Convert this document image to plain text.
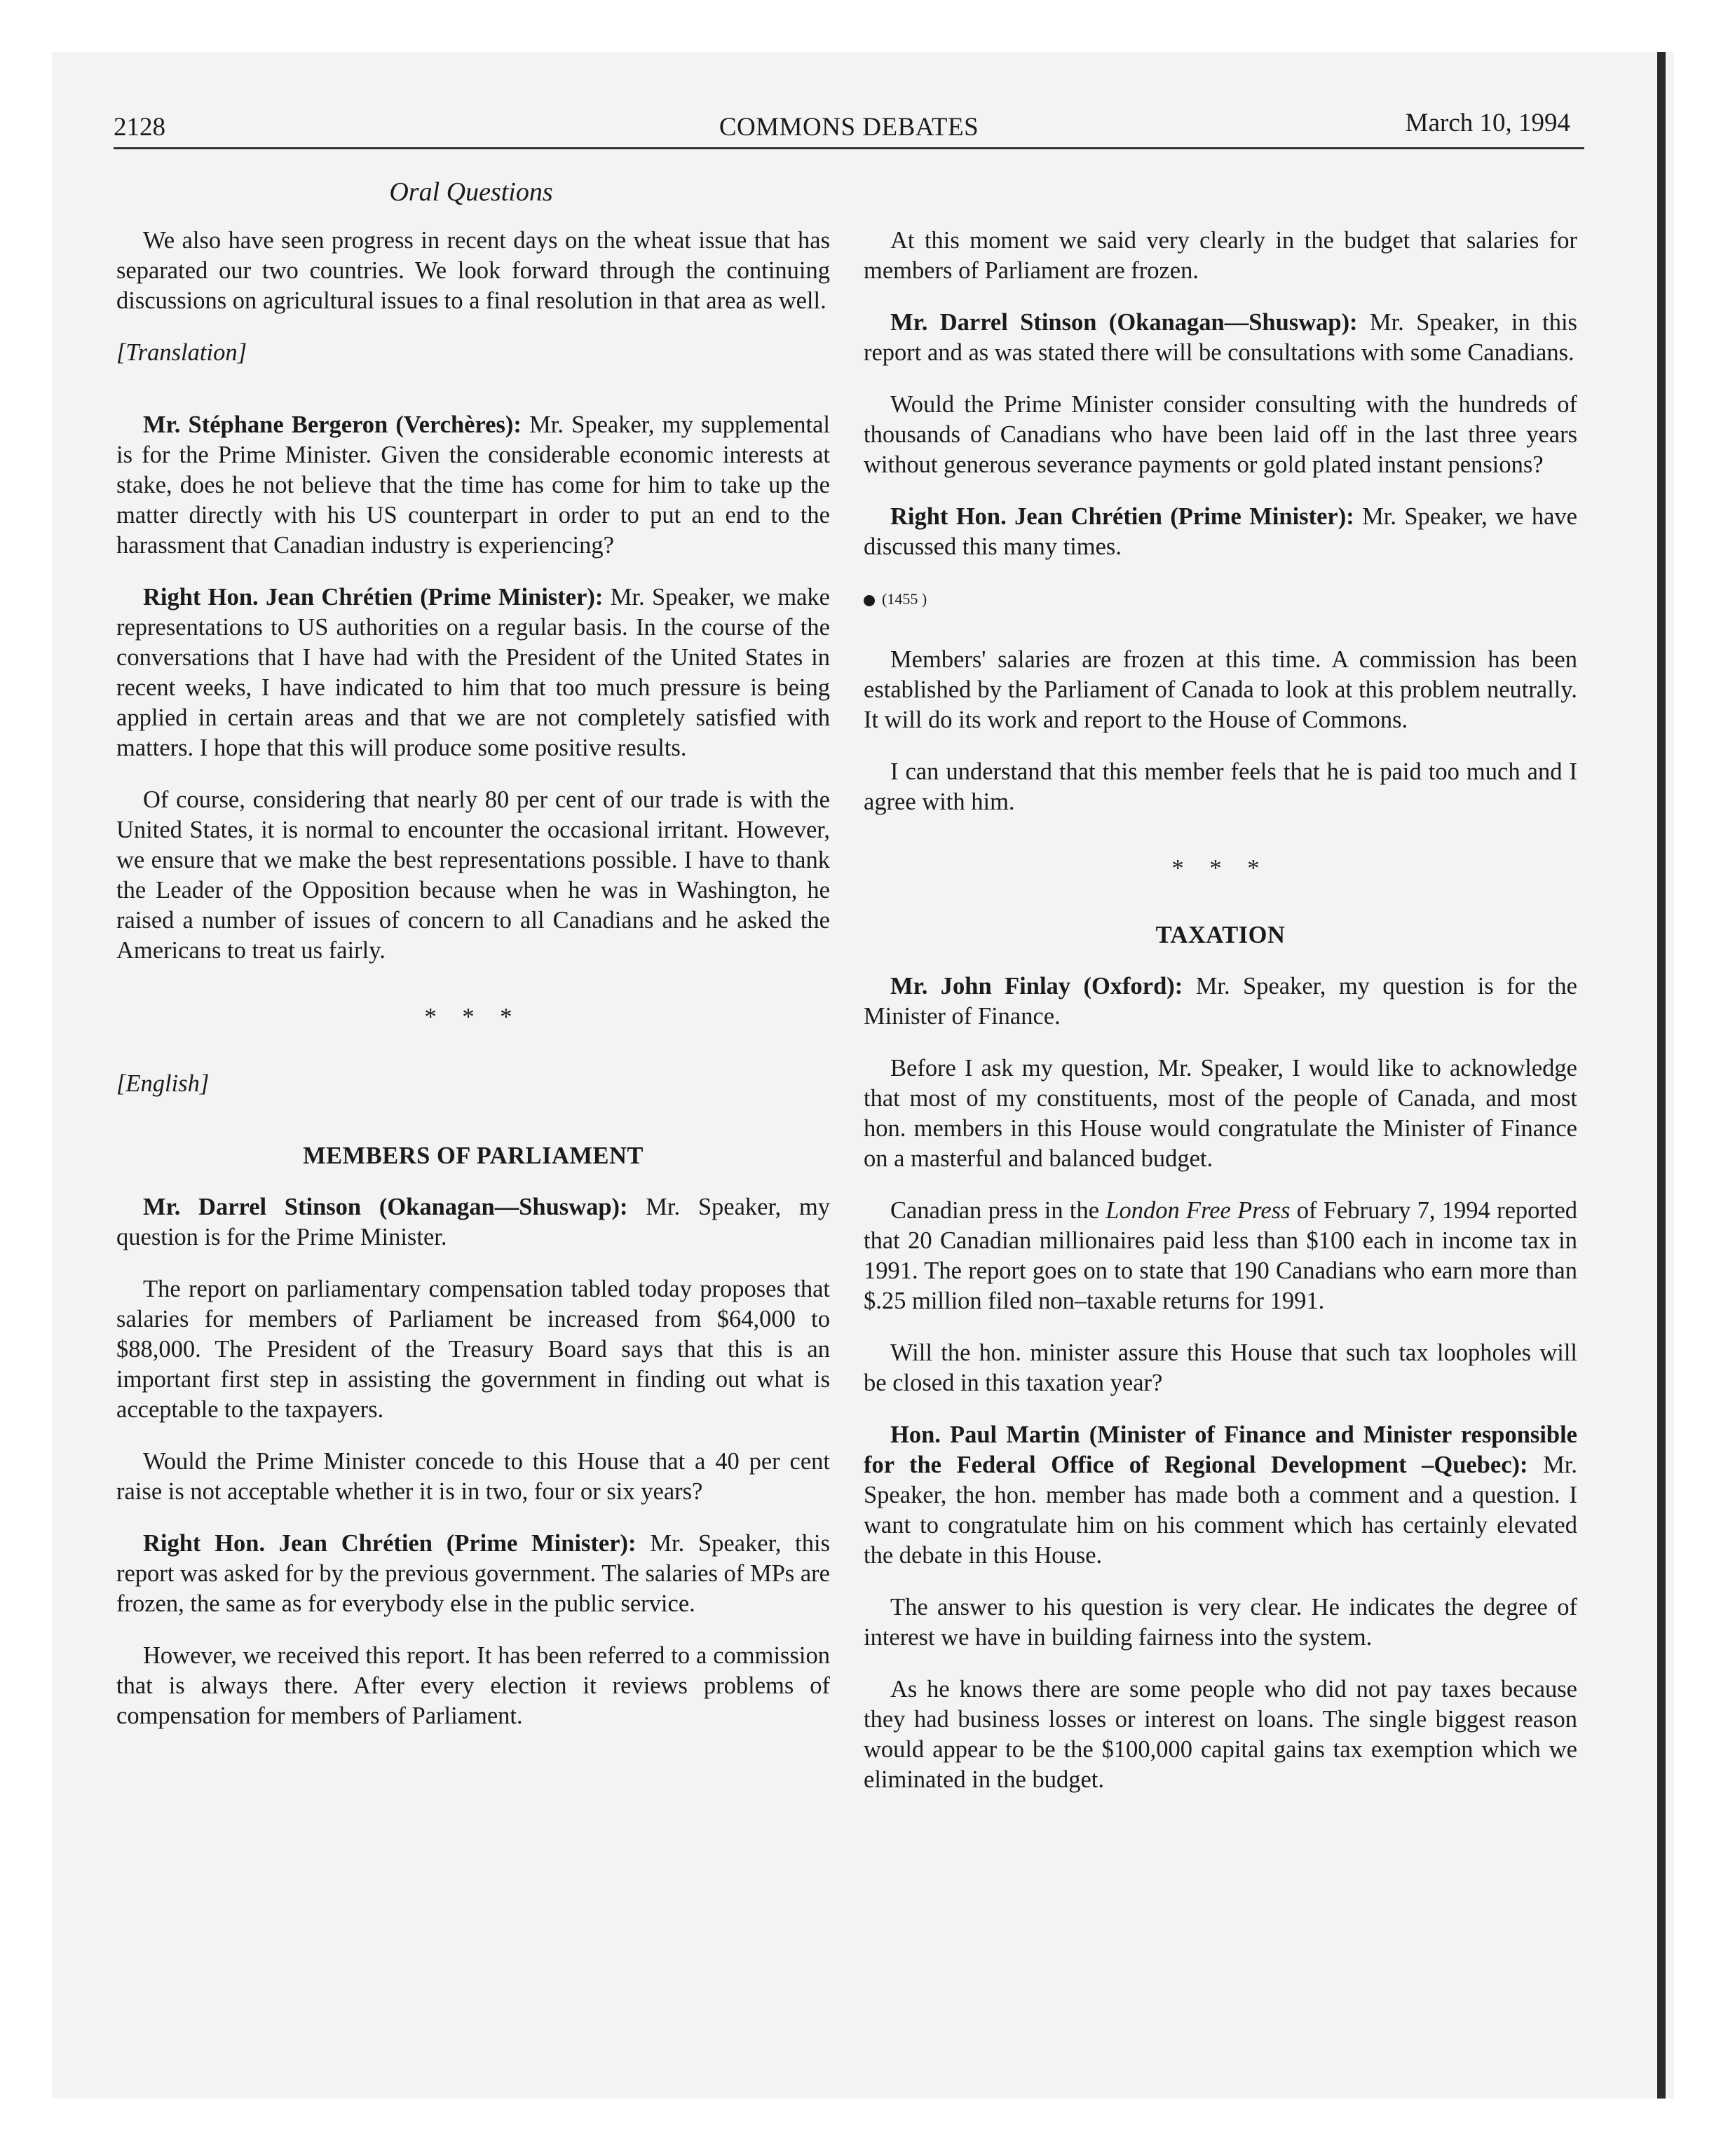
2128	COMMONS DEBATES	March 10, 1994
Oral Questions

We also have seen progress in recent days on the wheat issue that has separated our two countries. We look forward through the continuing discussions on agricultural issues to a final resolution in that area as well.

[Translation]

Mr. Stéphane Bergeron (Verchères): Mr. Speaker, my supplemental is for the Prime Minister. Given the considerable economic interests at stake, does he not believe that the time has come for him to take up the matter directly with his US counterpart in order to put an end to the harassment that Canadian industry is experiencing?

Right Hon. Jean Chrétien (Prime Minister): Mr. Speaker, we make representations to US authorities on a regular basis. In the course of the conversations that I have had with the President of the United States in recent weeks, I have indicated to him that too much pressure is being applied in certain areas and that we are not completely satisfied with matters. I hope that this will produce some positive results.

Of course, considering that nearly 80 per cent of our trade is with the United States, it is normal to encounter the occasional irritant. However, we ensure that we make the best representations possible. I have to thank the Leader of the Opposition because when he was in Washington, he raised a number of issues of concern to all Canadians and he asked the Americans to treat us fairly.

* * *

[English]

MEMBERS OF PARLIAMENT

Mr. Darrel Stinson (Okanagan—Shuswap): Mr. Speaker, my question is for the Prime Minister.

The report on parliamentary compensation tabled today proposes that salaries for members of Parliament be increased from $64,000 to $88,000. The President of the Treasury Board says that this is an important first step in assisting the government in finding out what is acceptable to the taxpayers.

Would the Prime Minister concede to this House that a 40 per cent raise is not acceptable whether it is in two, four or six years?

Right Hon. Jean Chrétien (Prime Minister): Mr. Speaker, this report was asked for by the previous government. The salaries of MPs are frozen, the same as for everybody else in the public service.

However, we received this report. It has been referred to a commission that is always there. After every election it reviews problems of compensation for members of Parliament.

At this moment we said very clearly in the budget that salaries for members of Parliament are frozen.

Mr. Darrel Stinson (Okanagan—Shuswap): Mr. Speaker, in this report and as was stated there will be consultations with some Canadians.

Would the Prime Minister consider consulting with the hundreds of thousands of Canadians who have been laid off in the last three years without generous severance payments or gold plated instant pensions?

Right Hon. Jean Chrétien (Prime Minister): Mr. Speaker, we have discussed this many times.

(1455 )

Members' salaries are frozen at this time. A commission has been established by the Parliament of Canada to look at this problem neutrally. It will do its work and report to the House of Commons.

I can understand that this member feels that he is paid too much and I agree with him.

* * *

TAXATION

Mr. John Finlay (Oxford): Mr. Speaker, my question is for the Minister of Finance.

Before I ask my question, Mr. Speaker, I would like to acknowledge that most of my constituents, most of the people of Canada, and most hon. members in this House would congratulate the Minister of Finance on a masterful and balanced budget.

Canadian press in the London Free Press of February 7, 1994 reported that 20 Canadian millionaires paid less than $100 each in income tax in 1991. The report goes on to state that 190 Canadians who earn more than $.25 million filed non–taxable returns for 1991.

Will the hon. minister assure this House that such tax loopholes will be closed in this taxation year?

Hon. Paul Martin (Minister of Finance and Minister responsible for the Federal Office of Regional Development –Quebec): Mr. Speaker, the hon. member has made both a comment and a question. I want to congratulate him on his comment which has certainly elevated the debate in this House.

The answer to his question is very clear. He indicates the degree of interest we have in building fairness into the system.

As he knows there are some people who did not pay taxes because they had business losses or interest on loans. The single biggest reason would appear to be the $100,000 capital gains tax exemption which we eliminated in the budget.
